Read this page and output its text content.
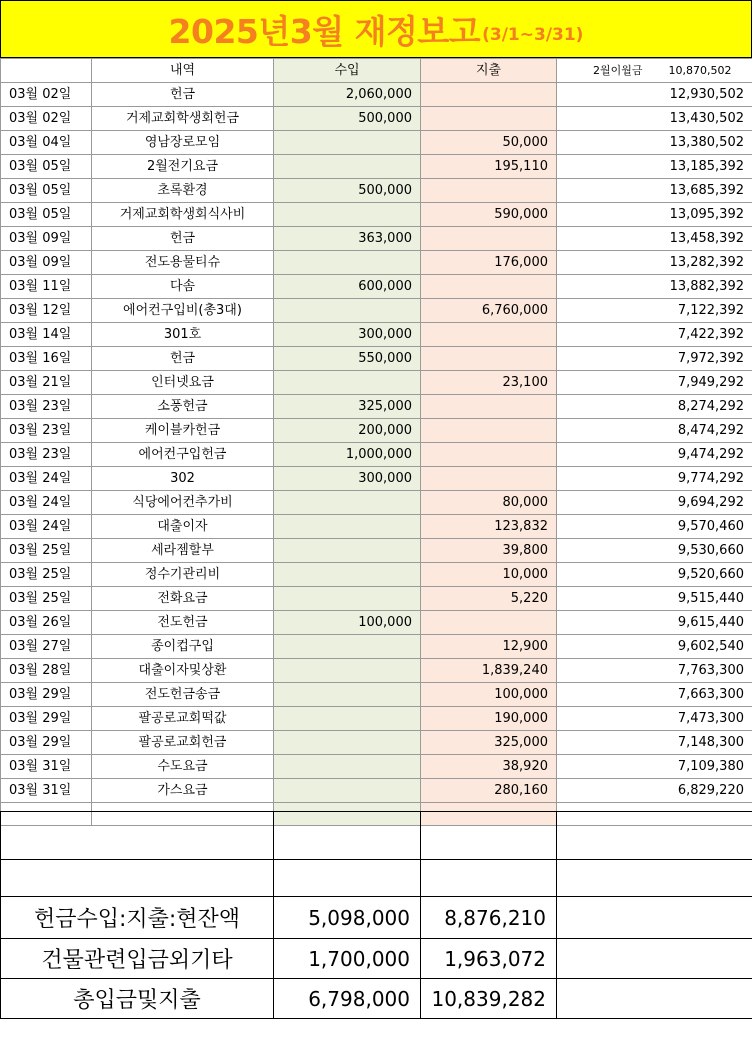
2025년3월 재정보고 (3/1~3/31)
	내역	수입	지출	2월이월금 10,870,502
03월 02일	헌금	2,060,000		12,930,502
03월 02일	거제교회학생회헌금	500,000		13,430,502
03월 04일	영남장로모임		50,000	13,380,502
03월 05일	2월전기요금		195,110	13,185,392
03월 05일	초록환경	500,000		13,685,392
03월 05일	거제교회학생회식사비		590,000	13,095,392
03월 09일	헌금	363,000		13,458,392
03월 09일	전도용물티슈		176,000	13,282,392
03월 11일	다솜	600,000		13,882,392
03월 12일	에어컨구입비(총3대)		6,760,000	7,122,392
03월 14일	301호	300,000		7,422,392
03월 16일	헌금	550,000		7,972,392
03월 21일	인터넷요금		23,100	7,949,292
03월 23일	소풍헌금	325,000		8,274,292
03월 23일	케이블카헌금	200,000		8,474,292
03월 23일	에어컨구입헌금	1,000,000		9,474,292
03월 24일	302	300,000		9,774,292
03월 24일	식당에어컨추가비		80,000	9,694,292
03월 24일	대출이자		123,832	9,570,460
03월 25일	세라젬할부		39,800	9,530,660
03월 25일	정수기관리비		10,000	9,520,660
03월 25일	전화요금		5,220	9,515,440
03월 26일	전도헌금	100,000		9,615,440
03월 27일	종이컵구입		12,900	9,602,540
03월 28일	대출이자및상환		1,839,240	7,763,300
03월 29일	전도헌금송금		100,000	7,663,300
03월 29일	팔공로교회떡값		190,000	7,473,300
03월 29일	팔공로교회헌금		325,000	7,148,300
03월 31일	수도요금		38,920	7,109,380
03월 31일	가스요금		280,160	6,829,220

헌금수입:지출:현잔액	5,098,000	8,876,210	
건물관련입금외기타	1,700,000	1,963,072	
총입금및지출	6,798,000	10,839,282	
